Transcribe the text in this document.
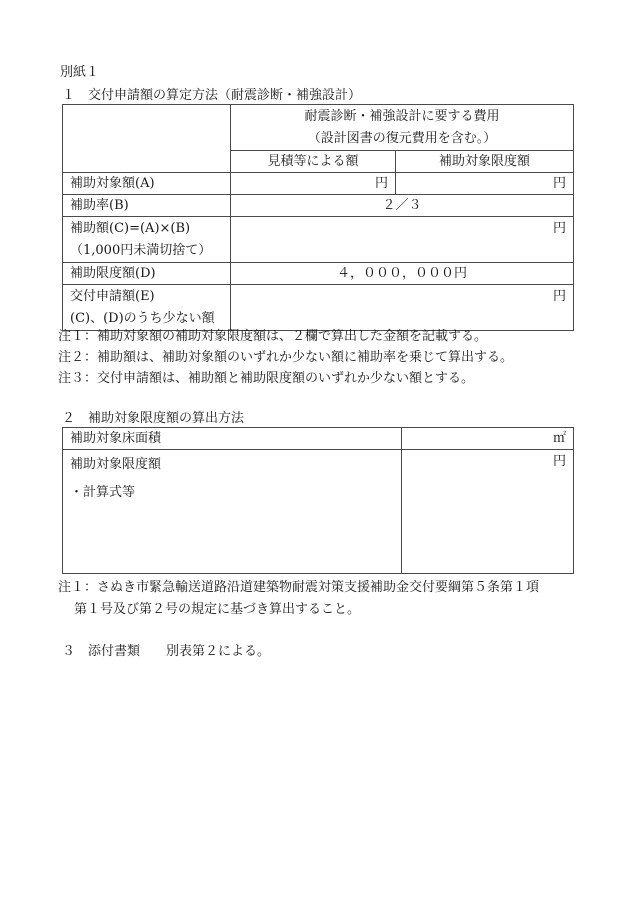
別紙１
１　交付申請額の算定方法（耐震診断・補強設計）

	耐震診断・補強設計に要する費用
（設計図書の復元費用を含む。）	

	見積等による額	補助対象限度額
補助対象額(A)	円	円
補助率(B)	２／３	

補助額(C)=(A)×(B)
（1,000円未満切捨て）	円	
補助限度額(D)	４，０００，０００円	

交付申請額(E)
(C)、(D)のうち少ない額	円	
注１：補助対象額の補助対象限度額は、２欄で算出した金額を記載する。
注２：補助額は、補助対象額のいずれか少ない額に補助率を乗じて算出する。
注３：交付申請額は、補助額と補助限度額のいずれか少ない額とする。
２　補助対象限度額の算出方法
補助対象床面積	㎡

補助対象限度額
・計算式等	円
注１：さぬき市緊急輸送道路沿道建築物耐震対策支援補助金交付要綱第５条第１項
第１号及び第２号の規定に基づき算出すること。
３　添付書類　　別表第２による。
